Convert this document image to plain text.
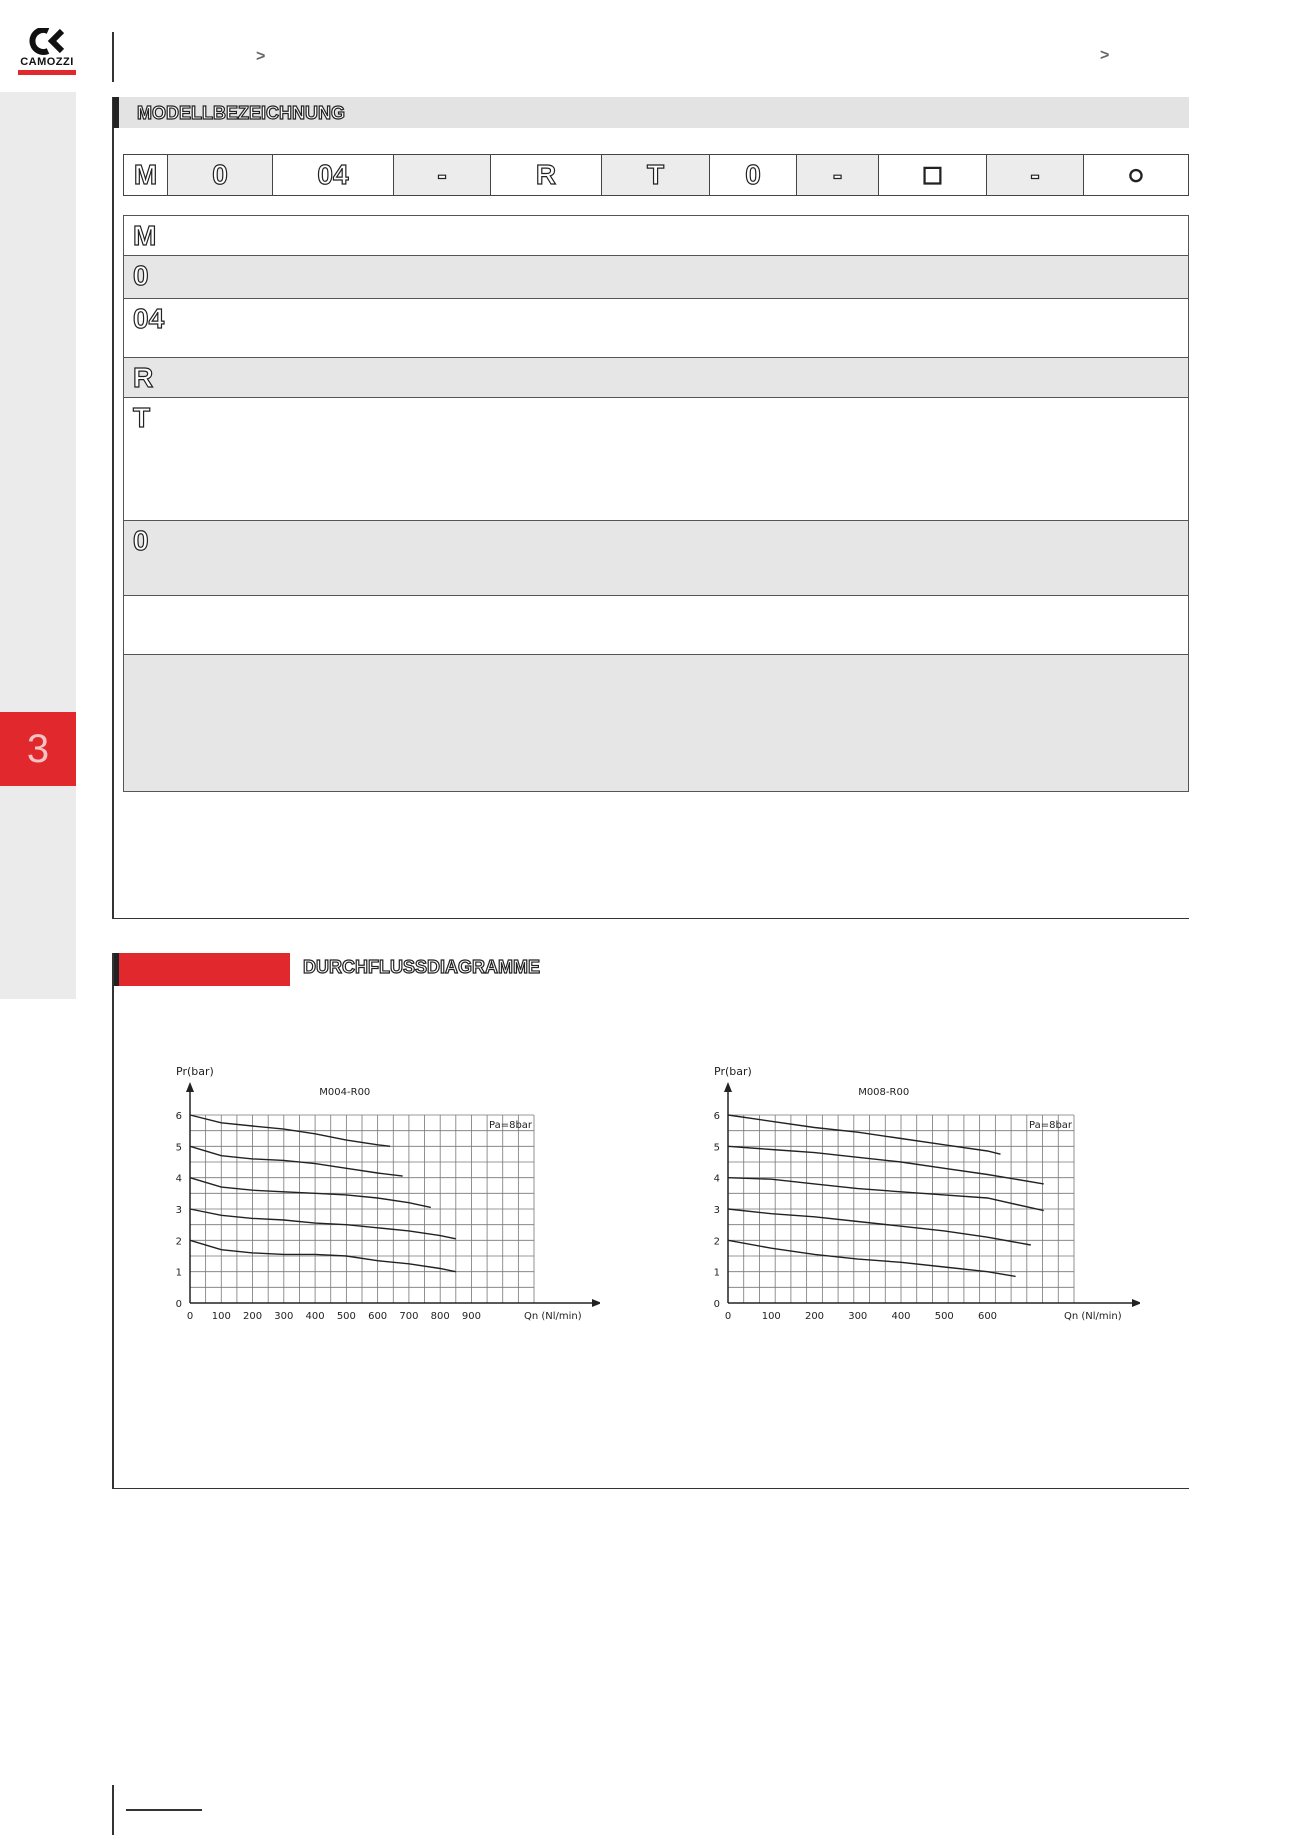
3
CAMOZZI	>	>
MODELLBEZEICHNUNG
M	0	04	-	R	T	0	-	□	-	○
M
0
04
R
T
0
DURCHFLUSSDIAGRAMME
Pr(bar)
M004-R00
Pa=8bar
Qn (Nl/min)
0 100 200 300 400 500 600 700 800 900
0
1
2
3
4
5
6
Pr(bar)
M008-R00
Pa=8bar
Qn (Nl/min)
0	100 200 300 400 500 600
0
1
2
3
4
5
6
